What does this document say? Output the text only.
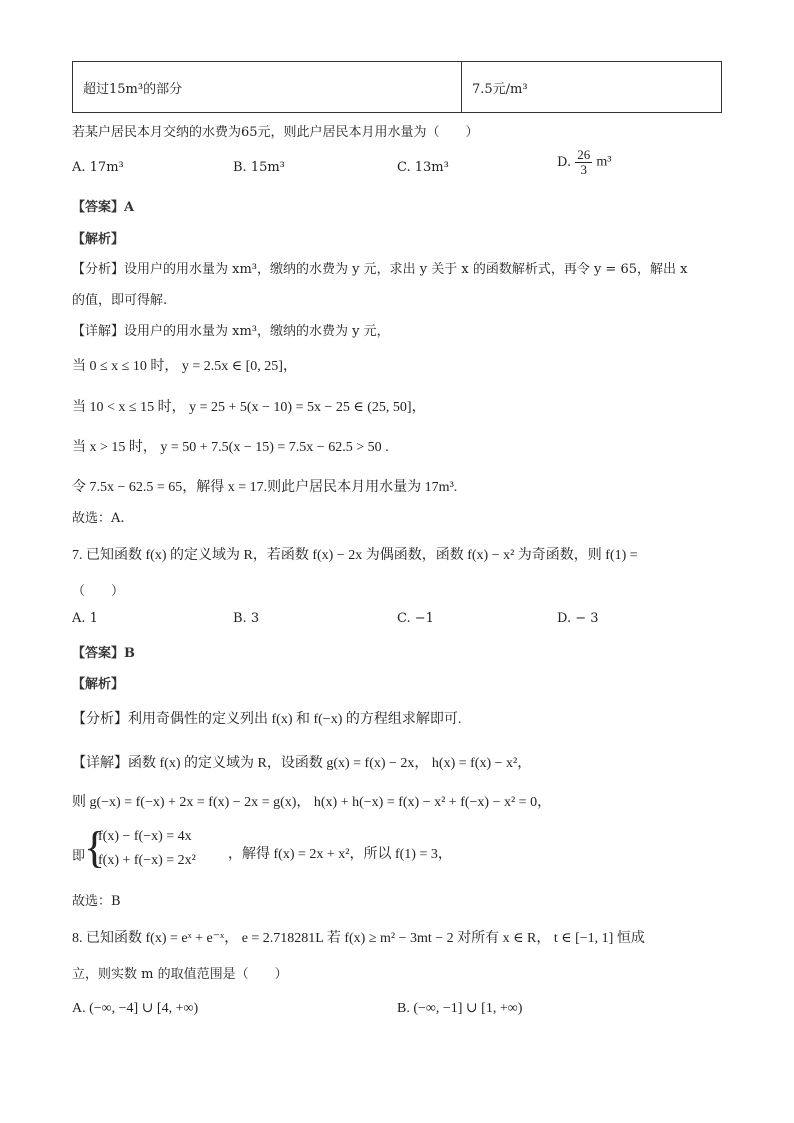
超过15m³的部分	7.5元/m³
若某户居民本月交纳的水费为65元，则此户居民本月用水量为（　　）
A. 17m³	B. 15m³	C. 13m³	D. $\frac{26}{3} m^3$
【答案】A
【解析】
【分析】设用户的用水量为 xm³，缴纳的水费为 y 元，求出 y 关于 x 的函数解析式，再令 y = 65，解出 x
的值，即可得解.
【详解】设用户的用水量为 xm³，缴纳的水费为 y 元，
当 0 ≤ x ≤ 10 时， y = 2.5x ∈ [0, 25]，
当 10 < x ≤ 15 时， y = 25 + 5(x − 10) = 5x − 25 ∈ (25, 50]，
当 x > 15 时， y = 50 + 7.5(x − 15) = 7.5x − 62.5 > 50 .
令 7.5x − 62.5 = 65，解得 x = 17.则此户居民本月用水量为 17m³.
故选：A.
7. 已知函数 f(x) 的定义域为 R，若函数 f(x) − 2x 为偶函数，函数 f(x) − x² 为奇函数，则 f(1) =
（　　）
A. 1	B. 3	C. −1	D. − 3
【答案】B
【解析】
【分析】利用奇偶性的定义列出 f(x) 和 f(−x) 的方程组求解即可.
【详解】函数 f(x) 的定义域为 R，设函数 g(x) = f(x) − 2x， h(x) = f(x) − x²，
则 g(−x) = f(−x) + 2x = f(x) − 2x = g(x)， h(x) + h(−x) = f(x) − x² + f(−x) − x² = 0，
即
{
f(x) − f(−x) = 4x
f(x) + f(−x) = 2x² ，解得 f(x) = 2x + x²，所以 f(1) = 3，
故选：B
8. 已知函数 f(x) = eˣ + e⁻ˣ， e = 2.718281L 若 f(x) ≥ m² − 3mt − 2 对所有 x ∈ R， t ∈ [−1, 1] 恒成
立，则实数 m 的取值范围是（　　）
A. (−∞, −4] ∪ [4, +∞)	B. (−∞, −1] ∪ [1, +∞)
